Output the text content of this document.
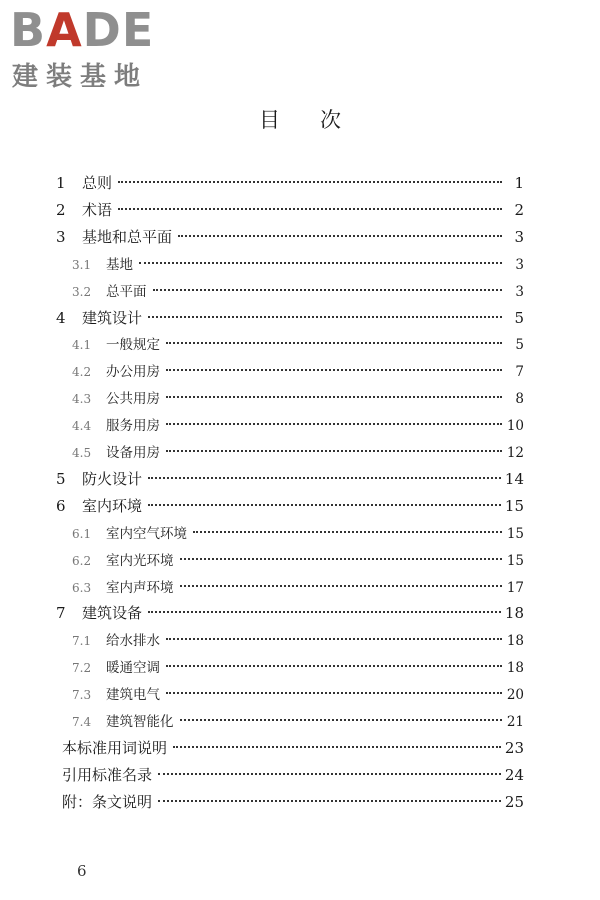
BADE
建装基地
目次
1	总则	1
2	术语	2
3	基地和总平面	3
3.1	基地	3
3.2	总平面	3
4	建筑设计	5
4.1	一般规定	5
4.2	办公用房	7
4.3	公共用房	8
4.4	服务用房	10
4.5	设备用房	12
5	防火设计	14
6	室内环境	15
6.1	室内空气环境	15
6.2	室内光环境	15
6.3	室内声环境	17
7	建筑设备	18
7.1	给水排水	18
7.2	暖通空调	18
7.3	建筑电气	20
7.4	建筑智能化	21
本标准用词说明	23
引用标准名录	24
附：条文说明	25
6
